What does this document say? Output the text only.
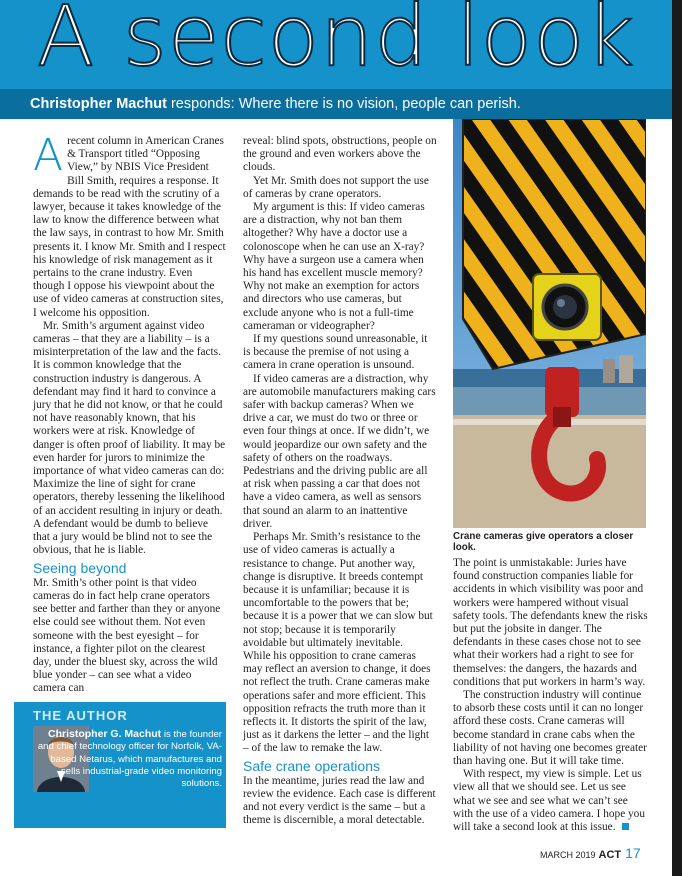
A second look
Christopher Machut responds: Where there is no vision, people can perish.
A recent column in American Cranes & Transport titled “Opposing View,” by NBIS Vice President Bill Smith, requires a response. It demands to be read with the scrutiny of a lawyer, because it takes knowledge of the law to know the difference between what the law says, in contrast to how Mr. Smith presents it. I know Mr. Smith and I respect his knowledge of risk management as it pertains to the crane industry. Even though I oppose his viewpoint about the use of video cameras at construction sites, I welcome his opposition.

Mr. Smith’s argument against video cameras – that they are a liability – is a misinterpretation of the law and the facts. It is common knowledge that the construction industry is dangerous. A defendant may find it hard to convince a jury that he did not know, or that he could not have reasonably known, that his workers were at risk. Knowledge of danger is often proof of liability. It may be even harder for jurors to minimize the importance of what video cameras can do: Maximize the line of sight for crane operators, thereby lessening the likelihood of an accident resulting in injury or death. A defendant would be dumb to believe that a jury would be blind not to see the obvious, that he is liable.

Seeing beyond

Mr. Smith’s other point is that video cameras do in fact help crane operators see better and farther than they or anyone else could see without them. Not even someone with the best eyesight – for instance, a fighter pilot on the clearest day, under the bluest sky, across the wild blue yonder – can see what a video camera can

reveal: blind spots, obstructions, people on the ground and even workers above the clouds.

Yet Mr. Smith does not support the use of cameras by crane operators.

My argument is this: If video cameras are a distraction, why not ban them altogether? Why have a doctor use a colonoscope when he can use an X-ray? Why have a surgeon use a camera when his hand has excellent muscle memory? Why not make an exemption for actors and directors who use cameras, but exclude anyone who is not a full-time cameraman or videographer?

If my questions sound unreasonable, it is because the premise of not using a camera in crane operation is unsound.

If video cameras are a distraction, why are automobile manufacturers making cars safer with backup cameras? When we drive a car, we must do two or three or even four things at once. If we didn’t, we would jeopardize our own safety and the safety of others on the roadways. Pedestrians and the driving public are all at risk when passing a car that does not have a video camera, as well as sensors that sound an alarm to an inattentive driver.

Perhaps Mr. Smith’s resistance to the use of video cameras is actually a resistance to change. Put another way, change is disruptive. It breeds contempt because it is unfamiliar; because it is uncomfortable to the powers that be; because it is a power that we can slow but not stop; because it is temporarily avoidable but ultimately inevitable.

While his opposition to crane cameras may reflect an aversion to change, it does not reflect the truth. Crane cameras make operations safer and more efficient. This opposition refracts the truth more than it reflects it. It distorts the spirit of the law, just as it darkens the letter – and the light – of the law to remake the law.

Safe crane operations

In the meantime, juries read the law and review the evidence. Each case is different and not every verdict is the same – but a theme is discernible, a moral detectable.

Crane cameras give operators a closer look.

The point is unmistakable: Juries have found construction companies liable for accidents in which visibility was poor and workers were hampered without visual safety tools. The defendants knew the risks but put the jobsite in danger. The defendants in these cases chose not to see what their workers had a right to see for themselves: the dangers, the hazards and conditions that put workers in harm’s way.

The construction industry will continue to absorb these costs until it can no longer afford these costs. Crane cameras will become standard in crane cabs when the liability of not having one becomes greater than having one. But it will take time.

With respect, my view is simple. Let us view all that we should see. Let us see what we see and see what we can’t see with the use of a video camera. I hope you will take a second look at this issue.

THE AUTHOR
Christopher G. Machut is the founder and chief technology officer for Norfolk, VA-based Netarus, which manufactures and sells industrial-grade video monitoring solutions.
MARCH 2019 ACT 17
